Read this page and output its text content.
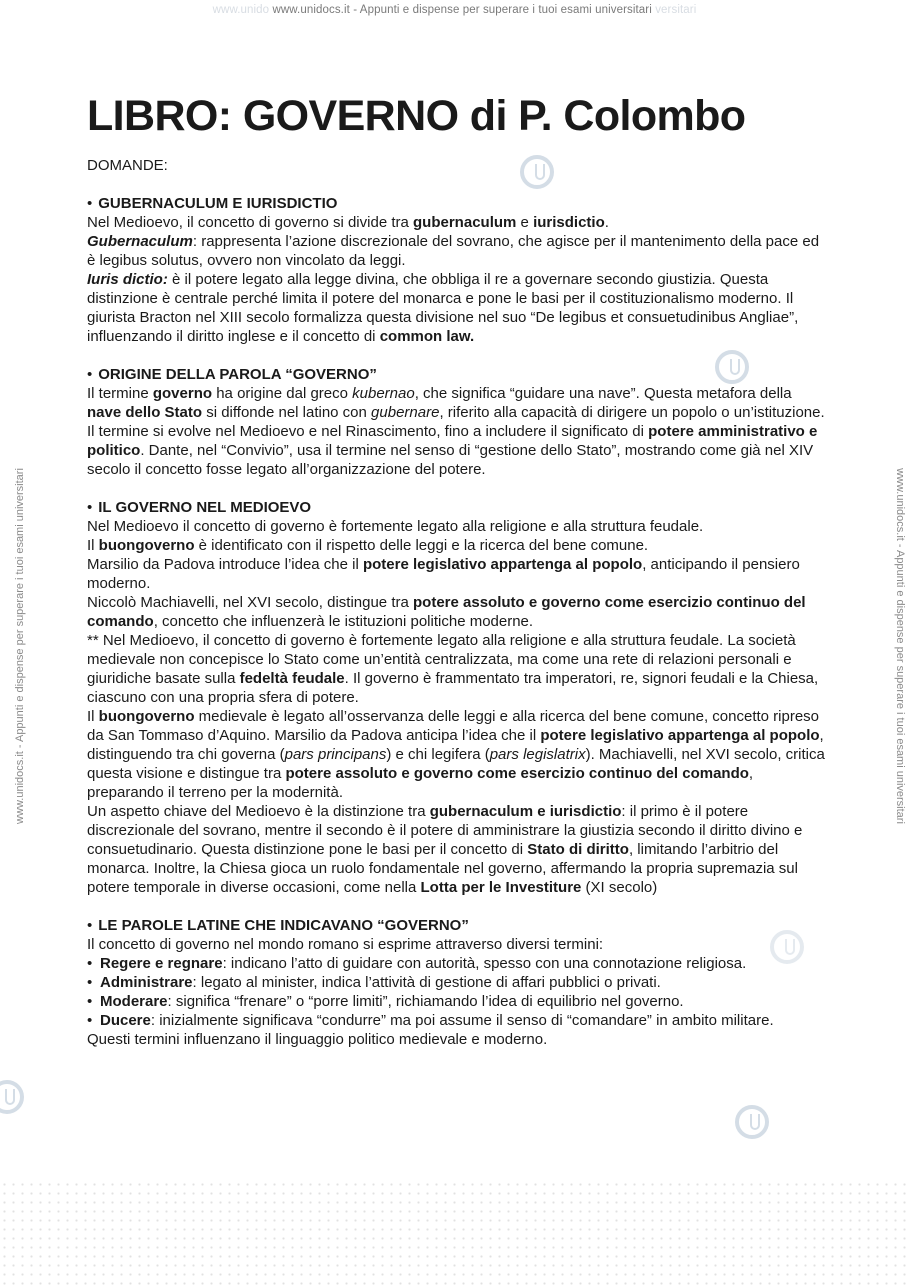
www.unido www.unidocs.it - Appunti e dispense per superare i tuoi esami universitari versitari
www.unidocs.it - Appunti e dispense per superare i tuoi esami universitari	www.unidocs.it - Appunti e dispense per superare i tuoi esami universitari
LIBRO: GOVERNO di P. Colombo
DOMANDE:
• GUBERNACULUM E IURISDICTIO

Nel Medioevo, il concetto di governo si divide tra gubernaculum e iurisdictio.

Gubernaculum: rappresenta l’azione discrezionale del sovrano, che agisce per il mantenimento della pace ed è legibus solutus, ovvero non vincolato da leggi.

Iuris dictio: è il potere legato alla legge divina, che obbliga il re a governare secondo giustizia. Questa distinzione è centrale perché limita il potere del monarca e pone le basi per il costituzionalismo moderno. Il giurista Bracton nel XIII secolo formalizza questa divisione nel suo “De legibus et consuetudinibus Angliae”, influenzando il diritto inglese e il concetto di common law.

• ORIGINE DELLA PAROLA “GOVERNO”

Il termine governo ha origine dal greco kubernao, che significa “guidare una nave”. Questa metafora della nave dello Stato si diffonde nel latino con gubernare, riferito alla capacità di dirigere un popolo o un’istituzione. Il termine si evolve nel Medioevo e nel Rinascimento, fino a includere il significato di potere amministrativo e politico. Dante, nel “Convivio”, usa il termine nel senso di “gestione dello Stato”, mostrando come già nel XIV secolo il concetto fosse legato all’organizzazione del potere.

• IL GOVERNO NEL MEDIOEVO

Nel Medioevo il concetto di governo è fortemente legato alla religione e alla struttura feudale.

Il buongoverno è identificato con il rispetto delle leggi e la ricerca del bene comune.

Marsilio da Padova introduce l’idea che il potere legislativo appartenga al popolo, anticipando il pensiero moderno.

Niccolò Machiavelli, nel XVI secolo, distingue tra potere assoluto e governo come esercizio continuo del comando, concetto che influenzerà le istituzioni politiche moderne.

** Nel Medioevo, il concetto di governo è fortemente legato alla religione e alla struttura feudale. La società medievale non concepisce lo Stato come un’entità centralizzata, ma come una rete di relazioni personali e giuridiche basate sulla fedeltà feudale. Il governo è frammentato tra imperatori, re, signori feudali e la Chiesa, ciascuno con una propria sfera di potere.

Il buongoverno medievale è legato all’osservanza delle leggi e alla ricerca del bene comune, concetto ripreso da San Tommaso d’Aquino. Marsilio da Padova anticipa l’idea che il potere legislativo appartenga al popolo, distinguendo tra chi governa (pars principans) e chi legifera (pars legislatrix). Machiavelli, nel XVI secolo, critica questa visione e distingue tra potere assoluto e governo come esercizio continuo del comando, preparando il terreno per la modernità.

Un aspetto chiave del Medioevo è la distinzione tra gubernaculum e iurisdictio: il primo è il potere discrezionale del sovrano, mentre il secondo è il potere di amministrare la giustizia secondo il diritto divino e consuetudinario. Questa distinzione pone le basi per il concetto di Stato di diritto, limitando l’arbitrio del monarca. Inoltre, la Chiesa gioca un ruolo fondamentale nel governo, affermando la propria supremazia sul potere temporale in diverse occasioni, come nella Lotta per le Investiture (XI secolo)

• LE PAROLE LATINE CHE INDICAVANO “GOVERNO”

Il concetto di governo nel mondo romano si esprime attraverso diversi termini:

• Regere e regnare: indicano l’atto di guidare con autorità, spesso con una connotazione religiosa.
• Administrare: legato al minister, indica l’attività di gestione di affari pubblici o privati.
• Moderare: significa “frenare” o “porre limiti”, richiamando l’idea di equilibrio nel governo.
• Ducere: inizialmente significava “condurre” ma poi assume il senso di “comandare” in ambito militare.

Questi termini influenzano il linguaggio politico medievale e moderno.
